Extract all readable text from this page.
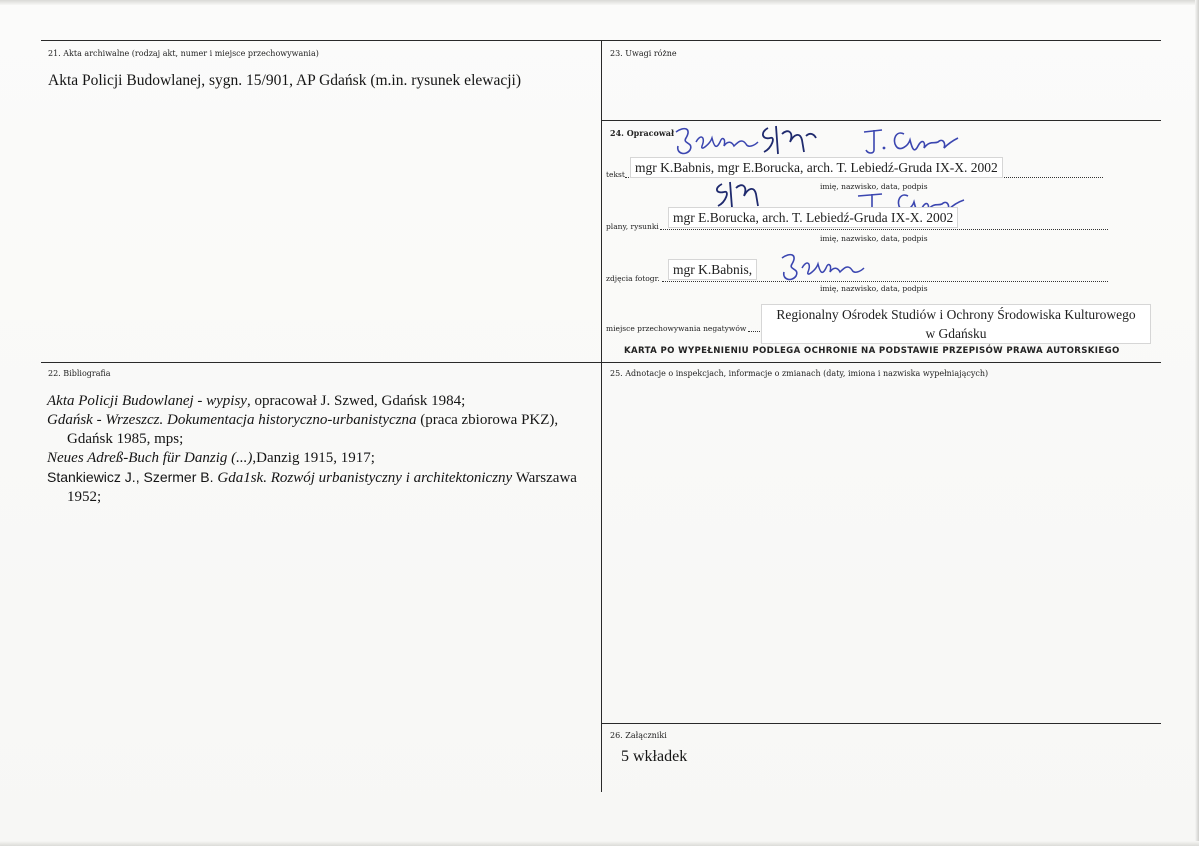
21. Akta archiwalne (rodzaj akt, numer i miejsce przechowywania)
Akta Policji Budowlanej, sygn. 15/901, AP Gdańsk (m.in. rysunek elewacji)
22. Bibliografia
Akta Policji Budowlanej - wypisy, opracował J. Szwed, Gdańsk 1984;
Gdańsk - Wrzeszcz. Dokumentacja historyczno-urbanistyczna (praca zbiorowa PKZ), Gdańsk 1985, mps;
Neues Adreß-Buch für Danzig (...),Danzig 1915, 1917;
Stankiewicz J., Szermer B. Gda1sk. Rozwój urbanistyczny i architektoniczny Warszawa 1952;
23. Uwagi różne
24. Opracował
tekst mgr K.Babnis, mgr E.Borucka, arch. T. Lebiedź-Gruda IX-X. 2002
imię, nazwisko, data, podpis
plany, rysunki
mgr E.Borucka, arch. T. Lebiedź-Gruda IX-X. 2002
imię, nazwisko, data, podpis
zdjęcia fotogr.
mgr K.Babnis,
imię, nazwisko, data, podpis
miejsce przechowywania negatywów
Regionalny Ośrodek Studiów i Ochrony Środowiska Kulturowego
w Gdańsku
KARTA PO WYPEŁNIENIU PODLEGA OCHRONIE NA PODSTAWIE PRZEPISÓW PRAWA AUTORSKIEGO
25. Adnotacje o inspekcjach, informacje o zmianach (daty, imiona i nazwiska wypełniających)
26. Załączniki
5 wkładek
